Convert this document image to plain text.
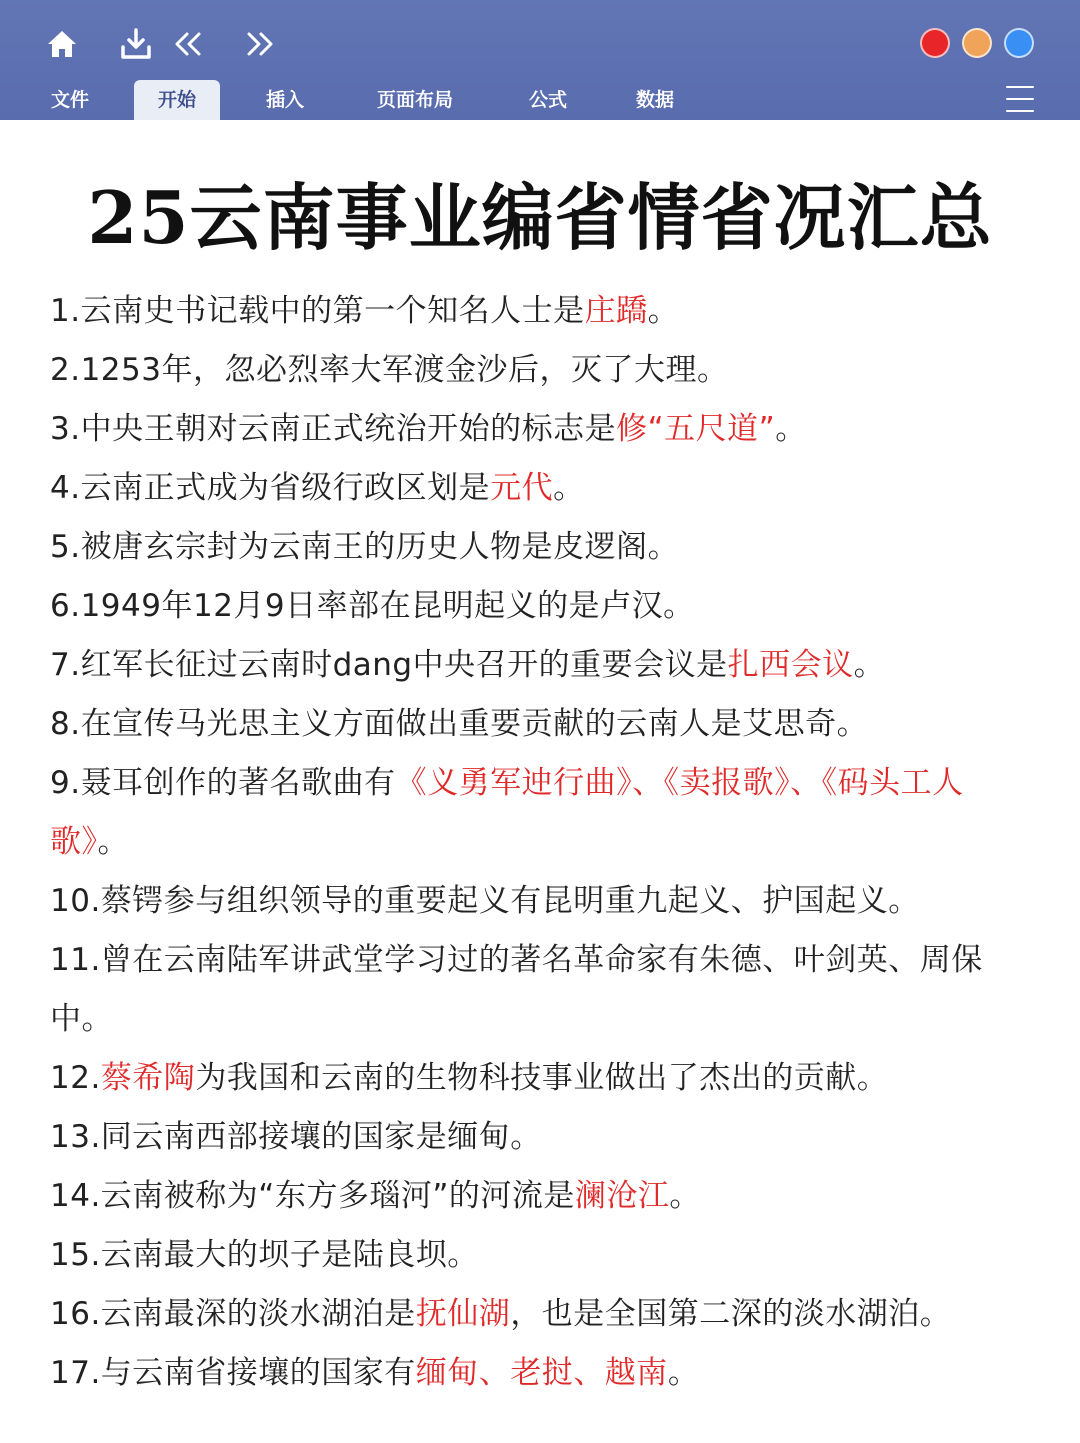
文件	开始	插入	页面布局	公式	数据
25云南事业编省情省况汇总

1.云南史书记载中的第一个知名人士是庄蹻。

2.1253年，忽必烈率大军渡金沙后，灭了大理。

3.中央王朝对云南正式统治开始的标志是修“五尺道”。

4.云南正式成为省级行政区划是元代。

5.被唐玄宗封为云南王的历史人物是皮逻阁。

6.1949年12月9日率部在昆明起义的是卢汉。

7.红军长征过云南时dang中央召开的重要会议是扎西会议。

8.在宣传马光思主义方面做出重要贡献的云南人是艾思奇。

9.聂耳创作的著名歌曲有《义勇军迚行曲》、《卖报歌》、《码头工人歌》。

10.蔡锷参与组织领导的重要起义有昆明重九起义、护国起义。

11.曾在云南陆军讲武堂学习过的著名革命家有朱德、叶剑英、周保中。

12.蔡希陶为我国和云南的生物科技事业做出了杰出的贡献。

13.同云南西部接壤的国家是缅甸。

14.云南被称为“东方多瑙河”的河流是澜沧江。

15.云南最大的坝子是陆良坝。

16.云南最深的淡水湖泊是抚仙湖，也是全国第二深的淡水湖泊。

17.与云南省接壤的国家有缅甸、老挝、越南。
